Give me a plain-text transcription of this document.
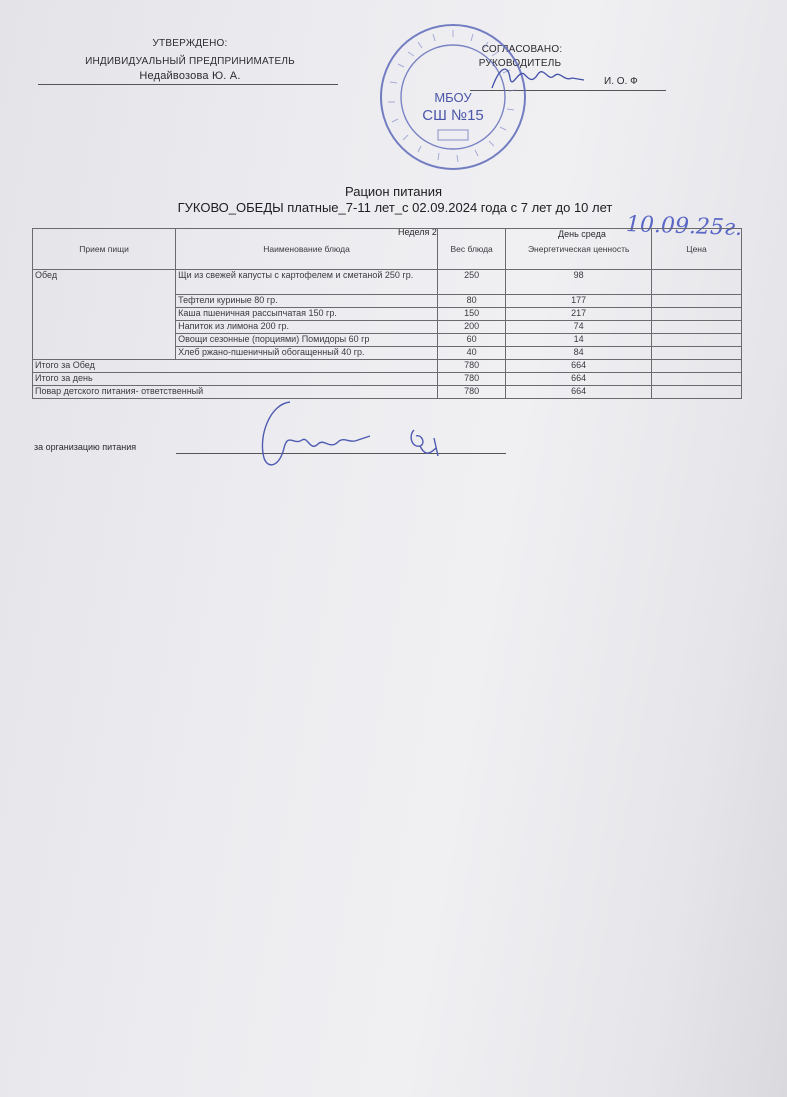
УТВЕРЖДЕНО:
ИНДИВИДУАЛЬНЫЙ ПРЕДПРИНИМАТЕЛЬ
Недайвозова Ю. А.
СОГЛАСОВАНО:
РУКОВОДИТЕЛЬ
И. О. Ф
МБОУ
СШ №15
Рацион питания
ГУКОВО_ОБЕДЫ платные_7-11 лет_с 02.09.2024 года с 7 лет до 10 лет
Неделя 2	День среда 10.09.25г.
Прием пищи	Наименование блюда	Вес блюда	Энергетическая ценность	Цена
Обед	Щи из свежей капусты с картофелем и сметаной 250 гр.	250	98	
	Тефтели куриные 80 гр.	80	177	
	Каша пшеничная рассыпчатая 150 гр.	150	217	
	Напиток из лимона 200 гр.	200	74	
	Овощи сезонные (порциями) Помидоры 60 гр	60	14	
	Хлеб ржано-пшеничный обогащенный 40 гр.	40	84	
Итого за Обед		780	664	
Итого за день		780	664	
Повар детского питания- ответственный		780	664	
за организацию питания
